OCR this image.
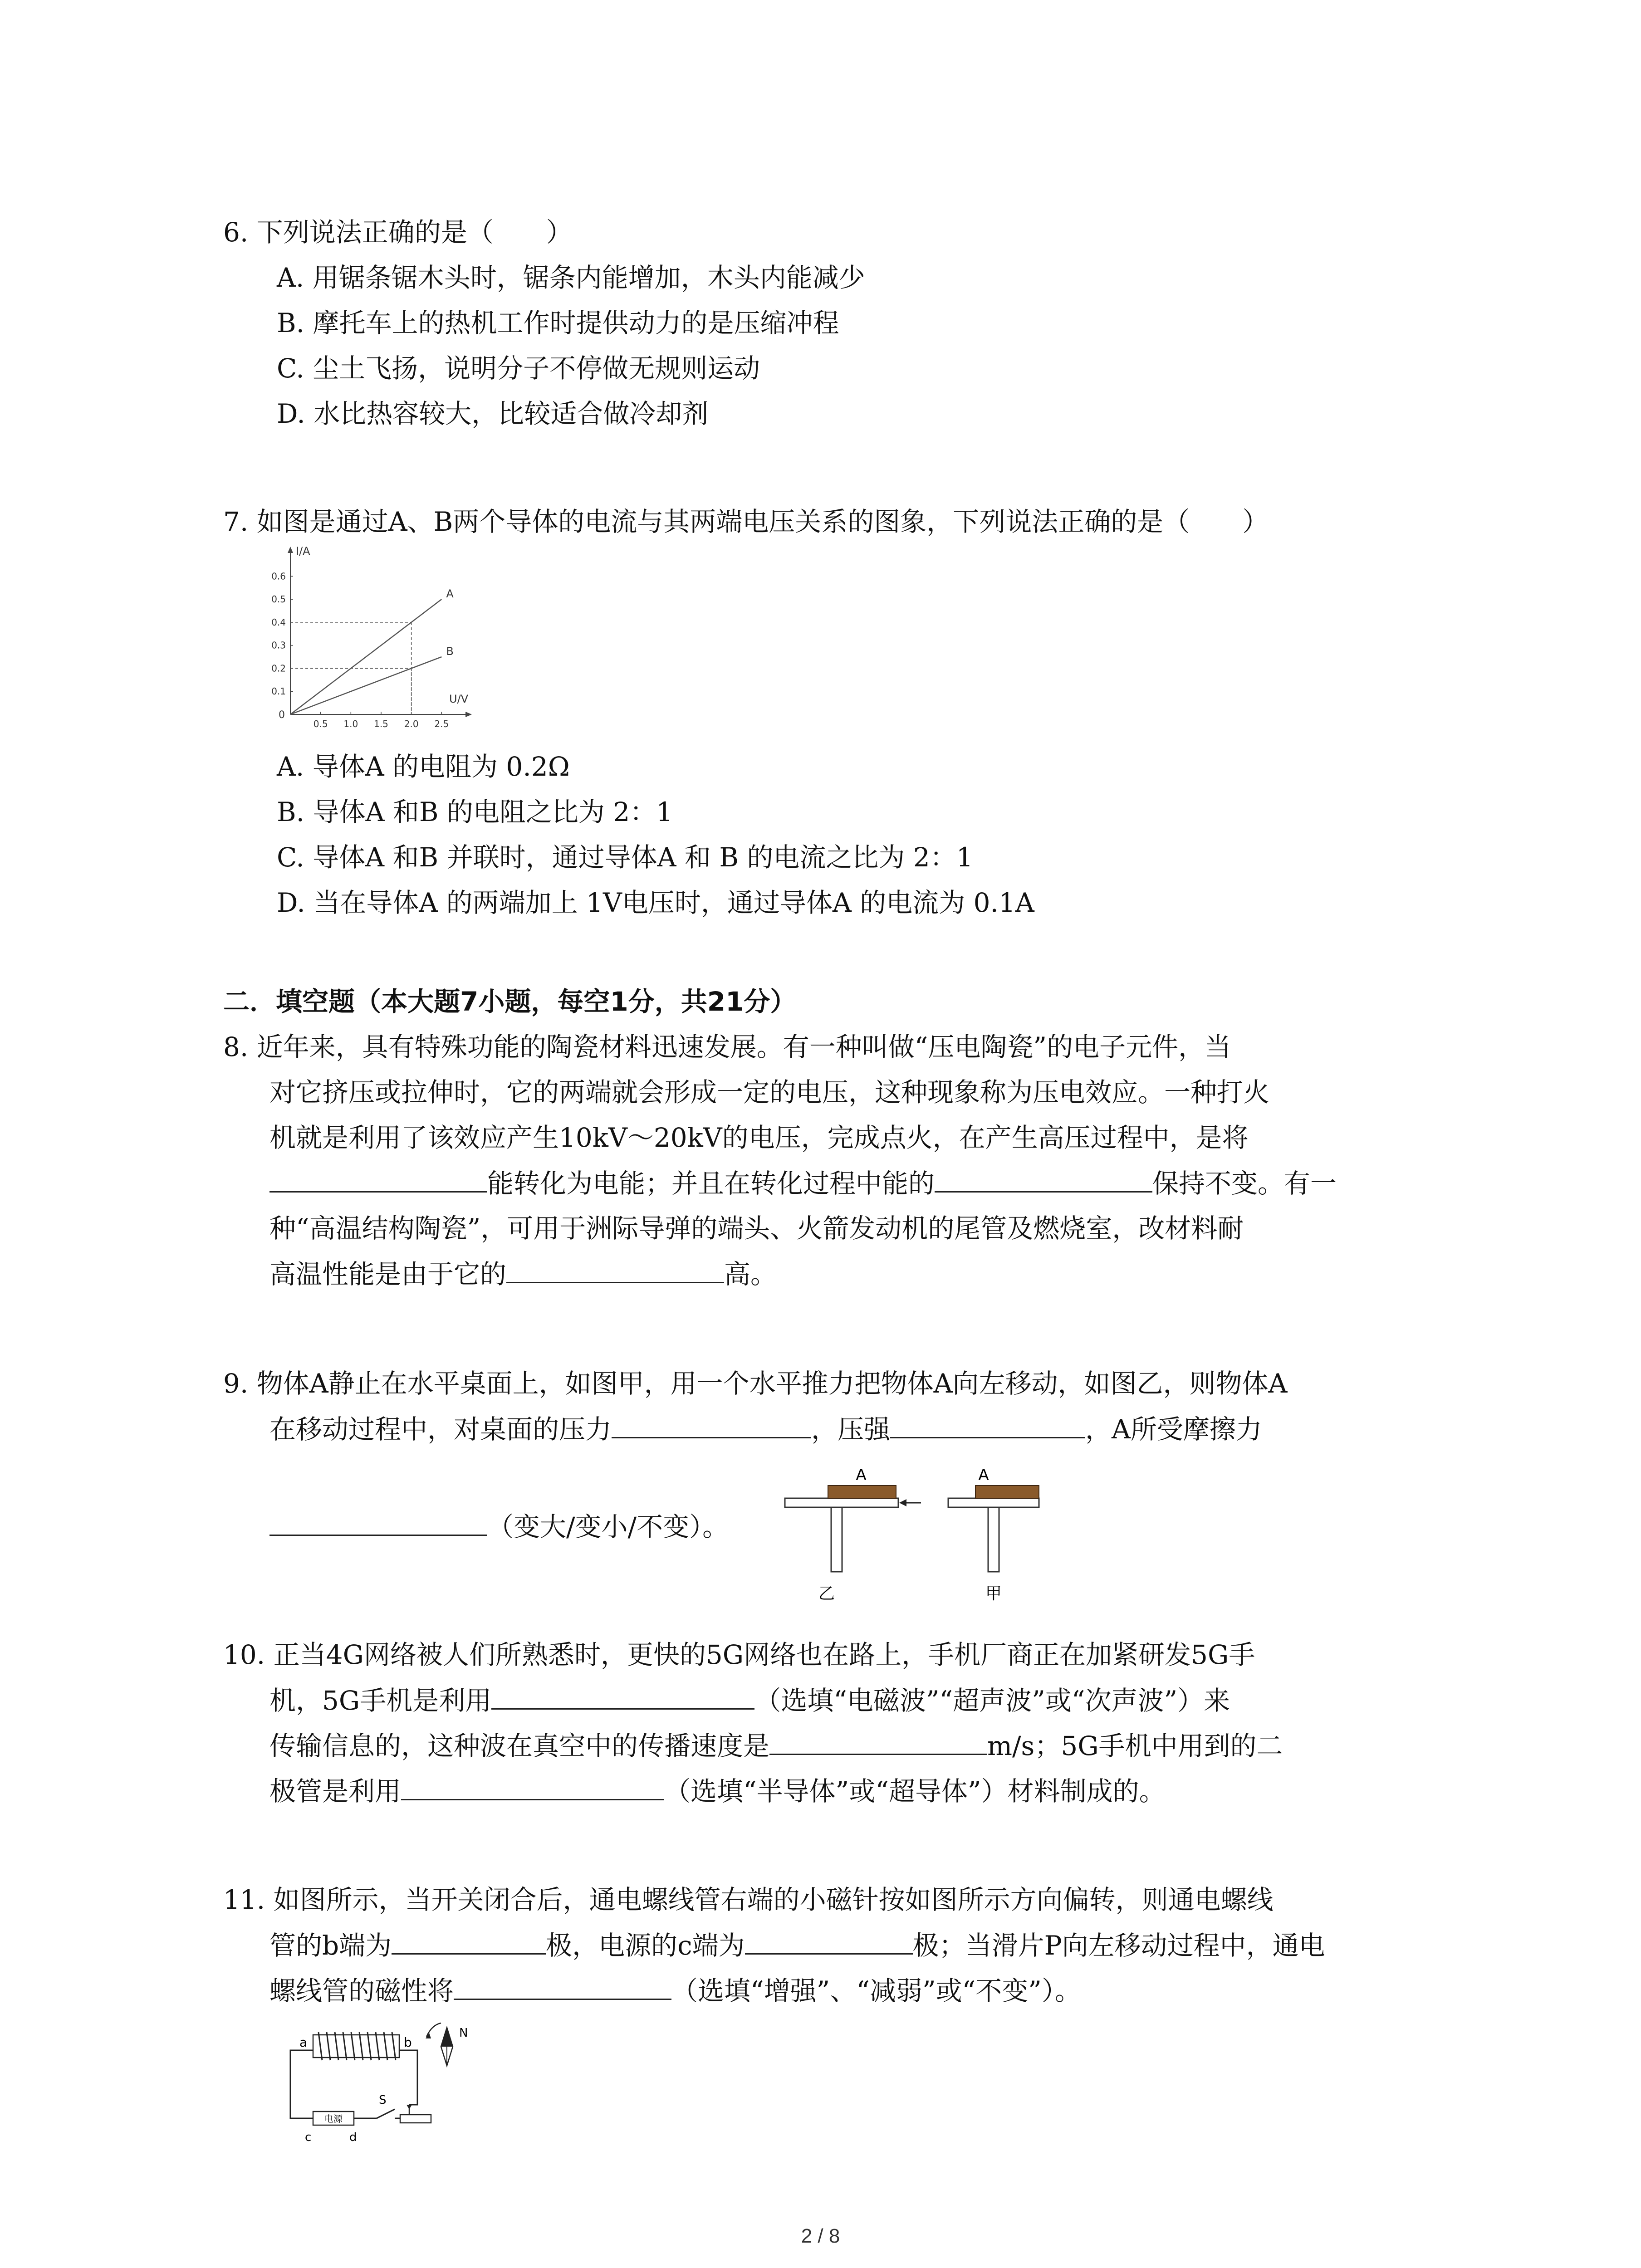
6. 下列说法正确的是（　　）
A. 用锯条锯木头时，锯条内能增加，木头内能减少
B. 摩托车上的热机工作时提供动力的是压缩冲程
C. 尘土飞扬，说明分子不停做无规则运动
D. 水比热容较大，比较适合做冷却剂
7. 如图是通过A、B两个导体的电流与其两端电压关系的图象，下列说法正确的是（　　）
I/A
U/V
0
0.5 1.0 1.5 2.0 2.5
0.1
0.2
0.3
0.4
0.5
0.6
A
B
A. 导体A 的电阻为 0.2Ω
B. 导体A 和B 的电阻之比为 2：1
C. 导体A 和B 并联时，通过导体A 和 B 的电流之比为 2：1
D. 当在导体A 的两端加上 1V电压时，通过导体A 的电流为 0.1A
二．填空题（本大题7小题，每空1分，共21分）
8. 近年来，具有特殊功能的陶瓷材料迅速发展。有一种叫做“压电陶瓷”的电子元件，当
对它挤压或拉伸时，它的两端就会形成一定的电压，这种现象称为压电效应。一种打火
机就是利用了该效应产生10kV～20kV的电压，完成点火，在产生高压过程中，是将
能转化为电能；并且在转化过程中能的	保持不变。有一
种“高温结构陶瓷”，可用于洲际导弹的端头、火箭发动机的尾管及燃烧室，改材料耐
高温性能是由于它的	高。
9. 物体A静止在水平桌面上，如图甲，用一个水平推力把物体A向左移动，如图乙，则物体A
在移动过程中，对桌面的压力	，压强	，A所受摩擦力
（变大/变小/不变）。
A
乙
A
甲
10. 正当4G网络被人们所熟悉时，更快的5G网络也在路上，手机厂商正在加紧研发5G手
机，5G手机是利用	（选填“电磁波”“超声波”或“次声波”）来
传输信息的，这种波在真空中的传播速度是	m/s；5G手机中用到的二
极管是利用	（选填“半导体”或“超导体”）材料制成的。
11. 如图所示，当开关闭合后，通电螺线管右端的小磁针按如图所示方向偏转，则通电螺线
管的b端为	极，电源的c端为	极；当滑片P向左移动过程中，通电
螺线管的磁性将	（选填“增强”、“减弱”或“不变”）。
a	b
N
电源
c	d
S
2 / 8
